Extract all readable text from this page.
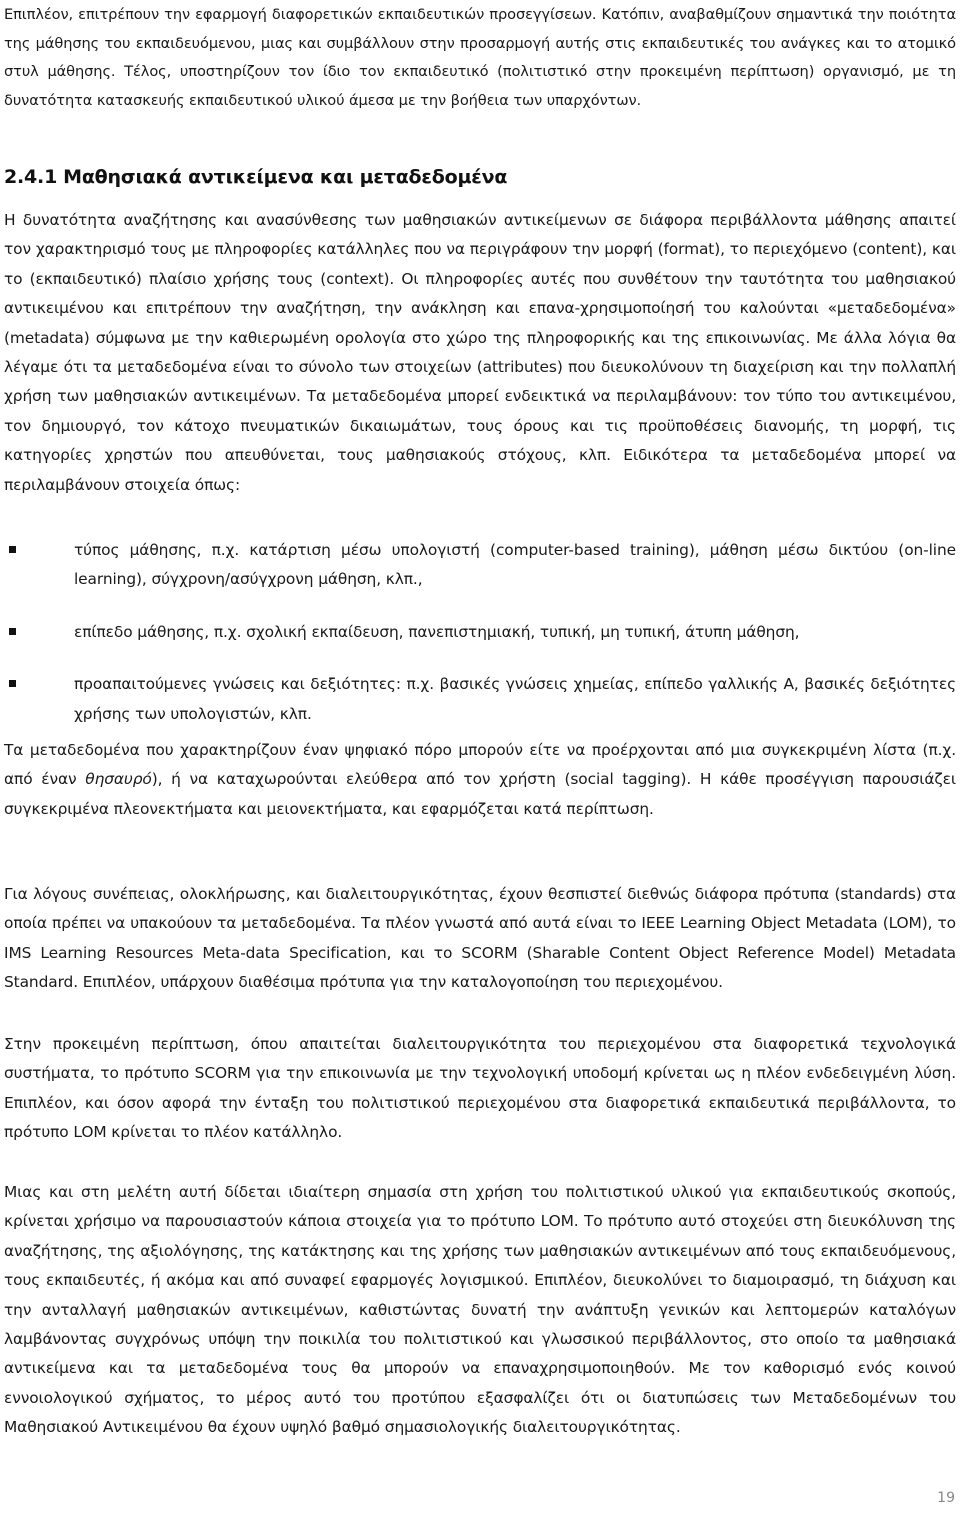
Επιπλέον, επιτρέπουν την εφαρμογή διαφορετικών εκπαιδευτικών προσεγγίσεων. Κατόπιν, αναβαθμίζουν σημαντικά την ποιότητα της μάθησης του εκπαιδευόμενου, μιας και συμβάλλουν στην προσαρμογή αυτής στις εκπαιδευτικές του ανάγκες και το ατομικό στυλ μάθησης. Τέλος, υποστηρίζουν τον ίδιο τον εκπαιδευτικό (πολιτιστικό στην προκειμένη περίπτωση) οργανισμό, με τη δυνατότητα κατασκευής εκπαιδευτικού υλικού άμεσα με την βοήθεια των υπαρχόντων.

2.4.1 Μαθησιακά αντικείμενα και μεταδεδομένα

Η δυνατότητα αναζήτησης και ανασύνθεσης των μαθησιακών αντικείμενων σε διάφορα περιβάλλοντα μάθησης απαιτεί τον χαρακτηρισμό τους με πληροφορίες κατάλληλες που να περιγράφουν την μορφή (format), το περιεχόμενο (content), και το (εκπαιδευτικό) πλαίσιο χρήσης τους (context). Οι πληροφορίες αυτές που συνθέτουν την ταυτότητα του μαθησιακού αντικειμένου και επιτρέπουν την αναζήτηση, την ανάκληση και επανα-χρησιμοποίησή του καλούνται «μεταδεδομένα» (metadata) σύμφωνα με την καθιερωμένη ορολογία στο χώρο της πληροφορικής και της επικοινωνίας. Με άλλα λόγια θα λέγαμε ότι τα μεταδεδομένα είναι το σύνολο των στοιχείων (attributes) που διευκολύνουν τη διαχείριση και την πολλαπλή χρήση των μαθησιακών αντικειμένων. Τα μεταδεδομένα μπορεί ενδεικτικά να περιλαμβάνουν: τον τύπο του αντικειμένου, τον δημιουργό, τον κάτοχο πνευματικών δικαιωμάτων, τους όρους και τις προϋποθέσεις διανομής, τη μορφή, τις κατηγορίες χρηστών που απευθύνεται, τους μαθησιακούς στόχους, κλπ. Ειδικότερα τα μεταδεδομένα μπορεί να περιλαμβάνουν στοιχεία όπως:

τύπος μάθησης, π.χ. κατάρτιση μέσω υπολογιστή (computer-based training), μάθηση μέσω δικτύου (on-line learning), σύγχρονη/ασύγχρονη μάθηση, κλπ.,

επίπεδο μάθησης, π.χ. σχολική εκπαίδευση, πανεπιστημιακή, τυπική, μη τυπική, άτυπη μάθηση,

προαπαιτούμενες γνώσεις και δεξιότητες: π.χ. βασικές γνώσεις χημείας, επίπεδο γαλλικής Α, βασικές δεξιότητες χρήσης των υπολογιστών, κλπ.

Τα μεταδεδομένα που χαρακτηρίζουν έναν ψηφιακό πόρο μπορούν είτε να προέρχονται από μια συγκεκριμένη λίστα (π.χ. από έναν θησαυρό), ή να καταχωρούνται ελεύθερα από τον χρήστη (social tagging). Η κάθε προσέγγιση παρουσιάζει συγκεκριμένα πλεονεκτήματα και μειονεκτήματα, και εφαρμόζεται κατά περίπτωση.

Για λόγους συνέπειας, ολοκλήρωσης, και διαλειτουργικότητας, έχουν θεσπιστεί διεθνώς διάφορα πρότυπα (standards) στα οποία πρέπει να υπακούουν τα μεταδεδομένα. Τα πλέον γνωστά από αυτά είναι το IEEE Learning Object Metadata (LOM), το IMS Learning Resources Meta-data Specification, και το SCORM (Sharable Content Object Reference Model) Metadata Standard. Επιπλέον, υπάρχουν διαθέσιμα πρότυπα για την καταλογοποίηση του περιεχομένου.

Στην προκειμένη περίπτωση, όπου απαιτείται διαλειτουργικότητα του περιεχομένου στα διαφορετικά τεχνολογικά συστήματα, το πρότυπο SCORM για την επικοινωνία με την τεχνολογική υποδομή κρίνεται ως η πλέον ενδεδειγμένη λύση. Επιπλέον, και όσον αφορά την ένταξη του πολιτιστικού περιεχομένου στα διαφορετικά εκπαιδευτικά περιβάλλοντα, το πρότυπο LOM κρίνεται το πλέον κατάλληλο.

Μιας και στη μελέτη αυτή δίδεται ιδιαίτερη σημασία στη χρήση του πολιτιστικού υλικού για εκπαιδευτικούς σκοπούς, κρίνεται χρήσιμο να παρουσιαστούν κάποια στοιχεία για το πρότυπο LOM. Το πρότυπο αυτό στοχεύει στη διευκόλυνση της αναζήτησης, της αξιολόγησης, της κατάκτησης και της χρήσης των μαθησιακών αντικειμένων από τους εκπαιδευόμενους, τους εκπαιδευτές, ή ακόμα και από συναφεί εφαρμογές λογισμικού. Επιπλέον, διευκολύνει το διαμοιρασμό, τη διάχυση και την ανταλλαγή μαθησιακών αντικειμένων, καθιστώντας δυνατή την ανάπτυξη γενικών και λεπτομερών καταλόγων λαμβάνοντας συγχρόνως υπόψη την ποικιλία του πολιτιστικού και γλωσσικού περιβάλλοντος, στο οποίο τα μαθησιακά αντικείμενα και τα μεταδεδομένα τους θα μπορούν να επαναχρησιμοποιηθούν. Με τον καθορισμό ενός κοινού εννοιολογικού σχήματος, το μέρος αυτό του προτύπου εξασφαλίζει ότι οι διατυπώσεις των Μεταδεδομένων του Μαθησιακού Αντικειμένου θα έχουν υψηλό βαθμό σημασιολογικής διαλειτουργικότητας.

19
